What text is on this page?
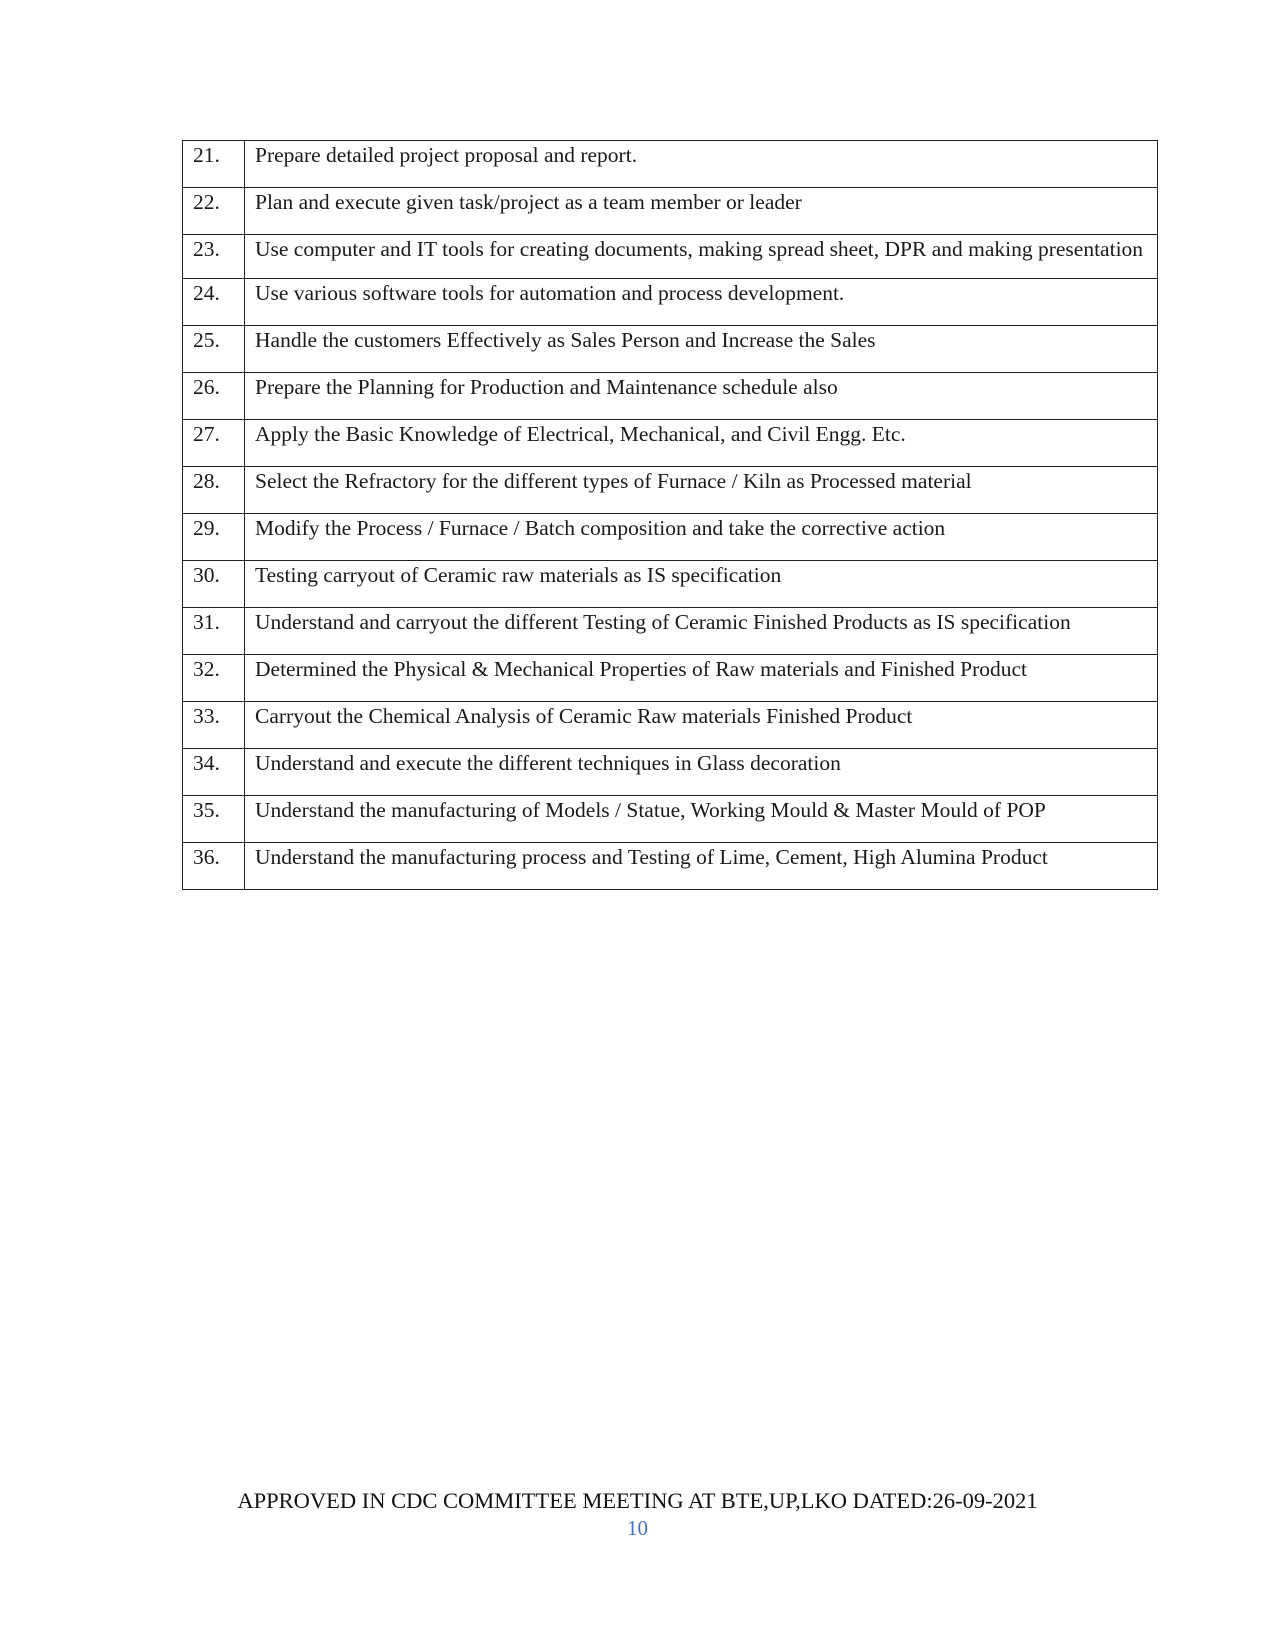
21.	Prepare detailed project proposal and report.
22.	Plan and execute given task/project as a team member or leader
23.	Use computer and IT tools for creating documents, making spread sheet, DPR and making presentation
24.	Use various software tools for automation and process development.
25.	Handle the customers Effectively as Sales Person and Increase the Sales
26.	Prepare the Planning for Production and Maintenance schedule also
27.	Apply the Basic Knowledge of Electrical, Mechanical, and Civil Engg. Etc.
28.	Select the Refractory for the different types of Furnace / Kiln as Processed material
29.	Modify the Process / Furnace / Batch composition and take the corrective action
30.	Testing carryout of Ceramic raw materials as IS specification
31.	Understand and carryout the different Testing of Ceramic Finished Products as IS specification
32.	Determined the Physical & Mechanical Properties of Raw materials and Finished Product
33.	Carryout the Chemical Analysis of Ceramic Raw materials Finished Product
34.	Understand and execute the different techniques in Glass decoration
35.	Understand the manufacturing of Models / Statue, Working Mould & Master Mould of POP
36.	Understand the manufacturing process and Testing of Lime, Cement, High Alumina Product
APPROVED IN CDC COMMITTEE MEETING AT BTE,UP,LKO DATED:26-09-2021
10
